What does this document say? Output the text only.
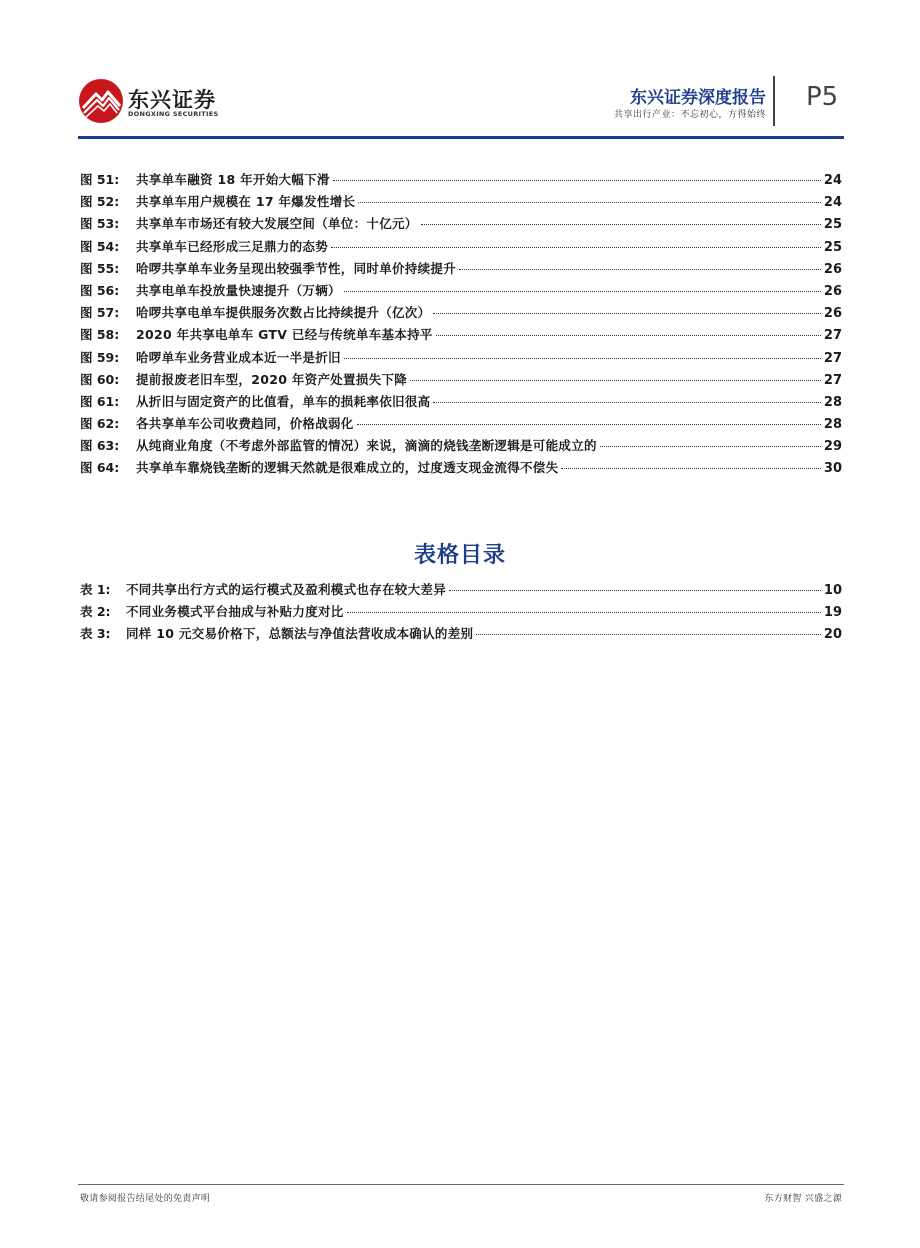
东兴证券
DONGXING SECURITIES
东兴证券深度报告
共享出行产业：不忘初心，方得始终
P5
图 51:	共享单车融资 18 年开始大幅下滑	24
图 52:	共享单车用户规模在 17 年爆发性增长	24
图 53:	共享单车市场还有较大发展空间（单位：十亿元）	25
图 54:	共享单车已经形成三足鼎力的态势	25
图 55:	哈啰共享单车业务呈现出较强季节性，同时单价持续提升	26
图 56:	共享电单车投放量快速提升（万辆）	26
图 57:	哈啰共享电单车提供服务次数占比持续提升（亿次）	26
图 58:	2020 年共享电单车 GTV 已经与传统单车基本持平	27
图 59:	哈啰单车业务营业成本近一半是折旧	27
图 60:	提前报废老旧车型，2020 年资产处置损失下降	27
图 61:	从折旧与固定资产的比值看，单车的损耗率依旧很高	28
图 62:	各共享单车公司收费趋同，价格战弱化	28
图 63:	从纯商业角度（不考虑外部监管的情况）来说，滴滴的烧钱垄断逻辑是可能成立的	29
图 64:	共享单车靠烧钱垄断的逻辑天然就是很难成立的，过度透支现金流得不偿失	30
表格目录
表 1:	不同共享出行方式的运行模式及盈利模式也存在较大差异	10
表 2:	不同业务模式平台抽成与补贴力度对比	19
表 3:	同样 10 元交易价格下，总额法与净值法营收成本确认的差别	20
敬请参阅报告结尾处的免责声明	东方财智 兴盛之源
